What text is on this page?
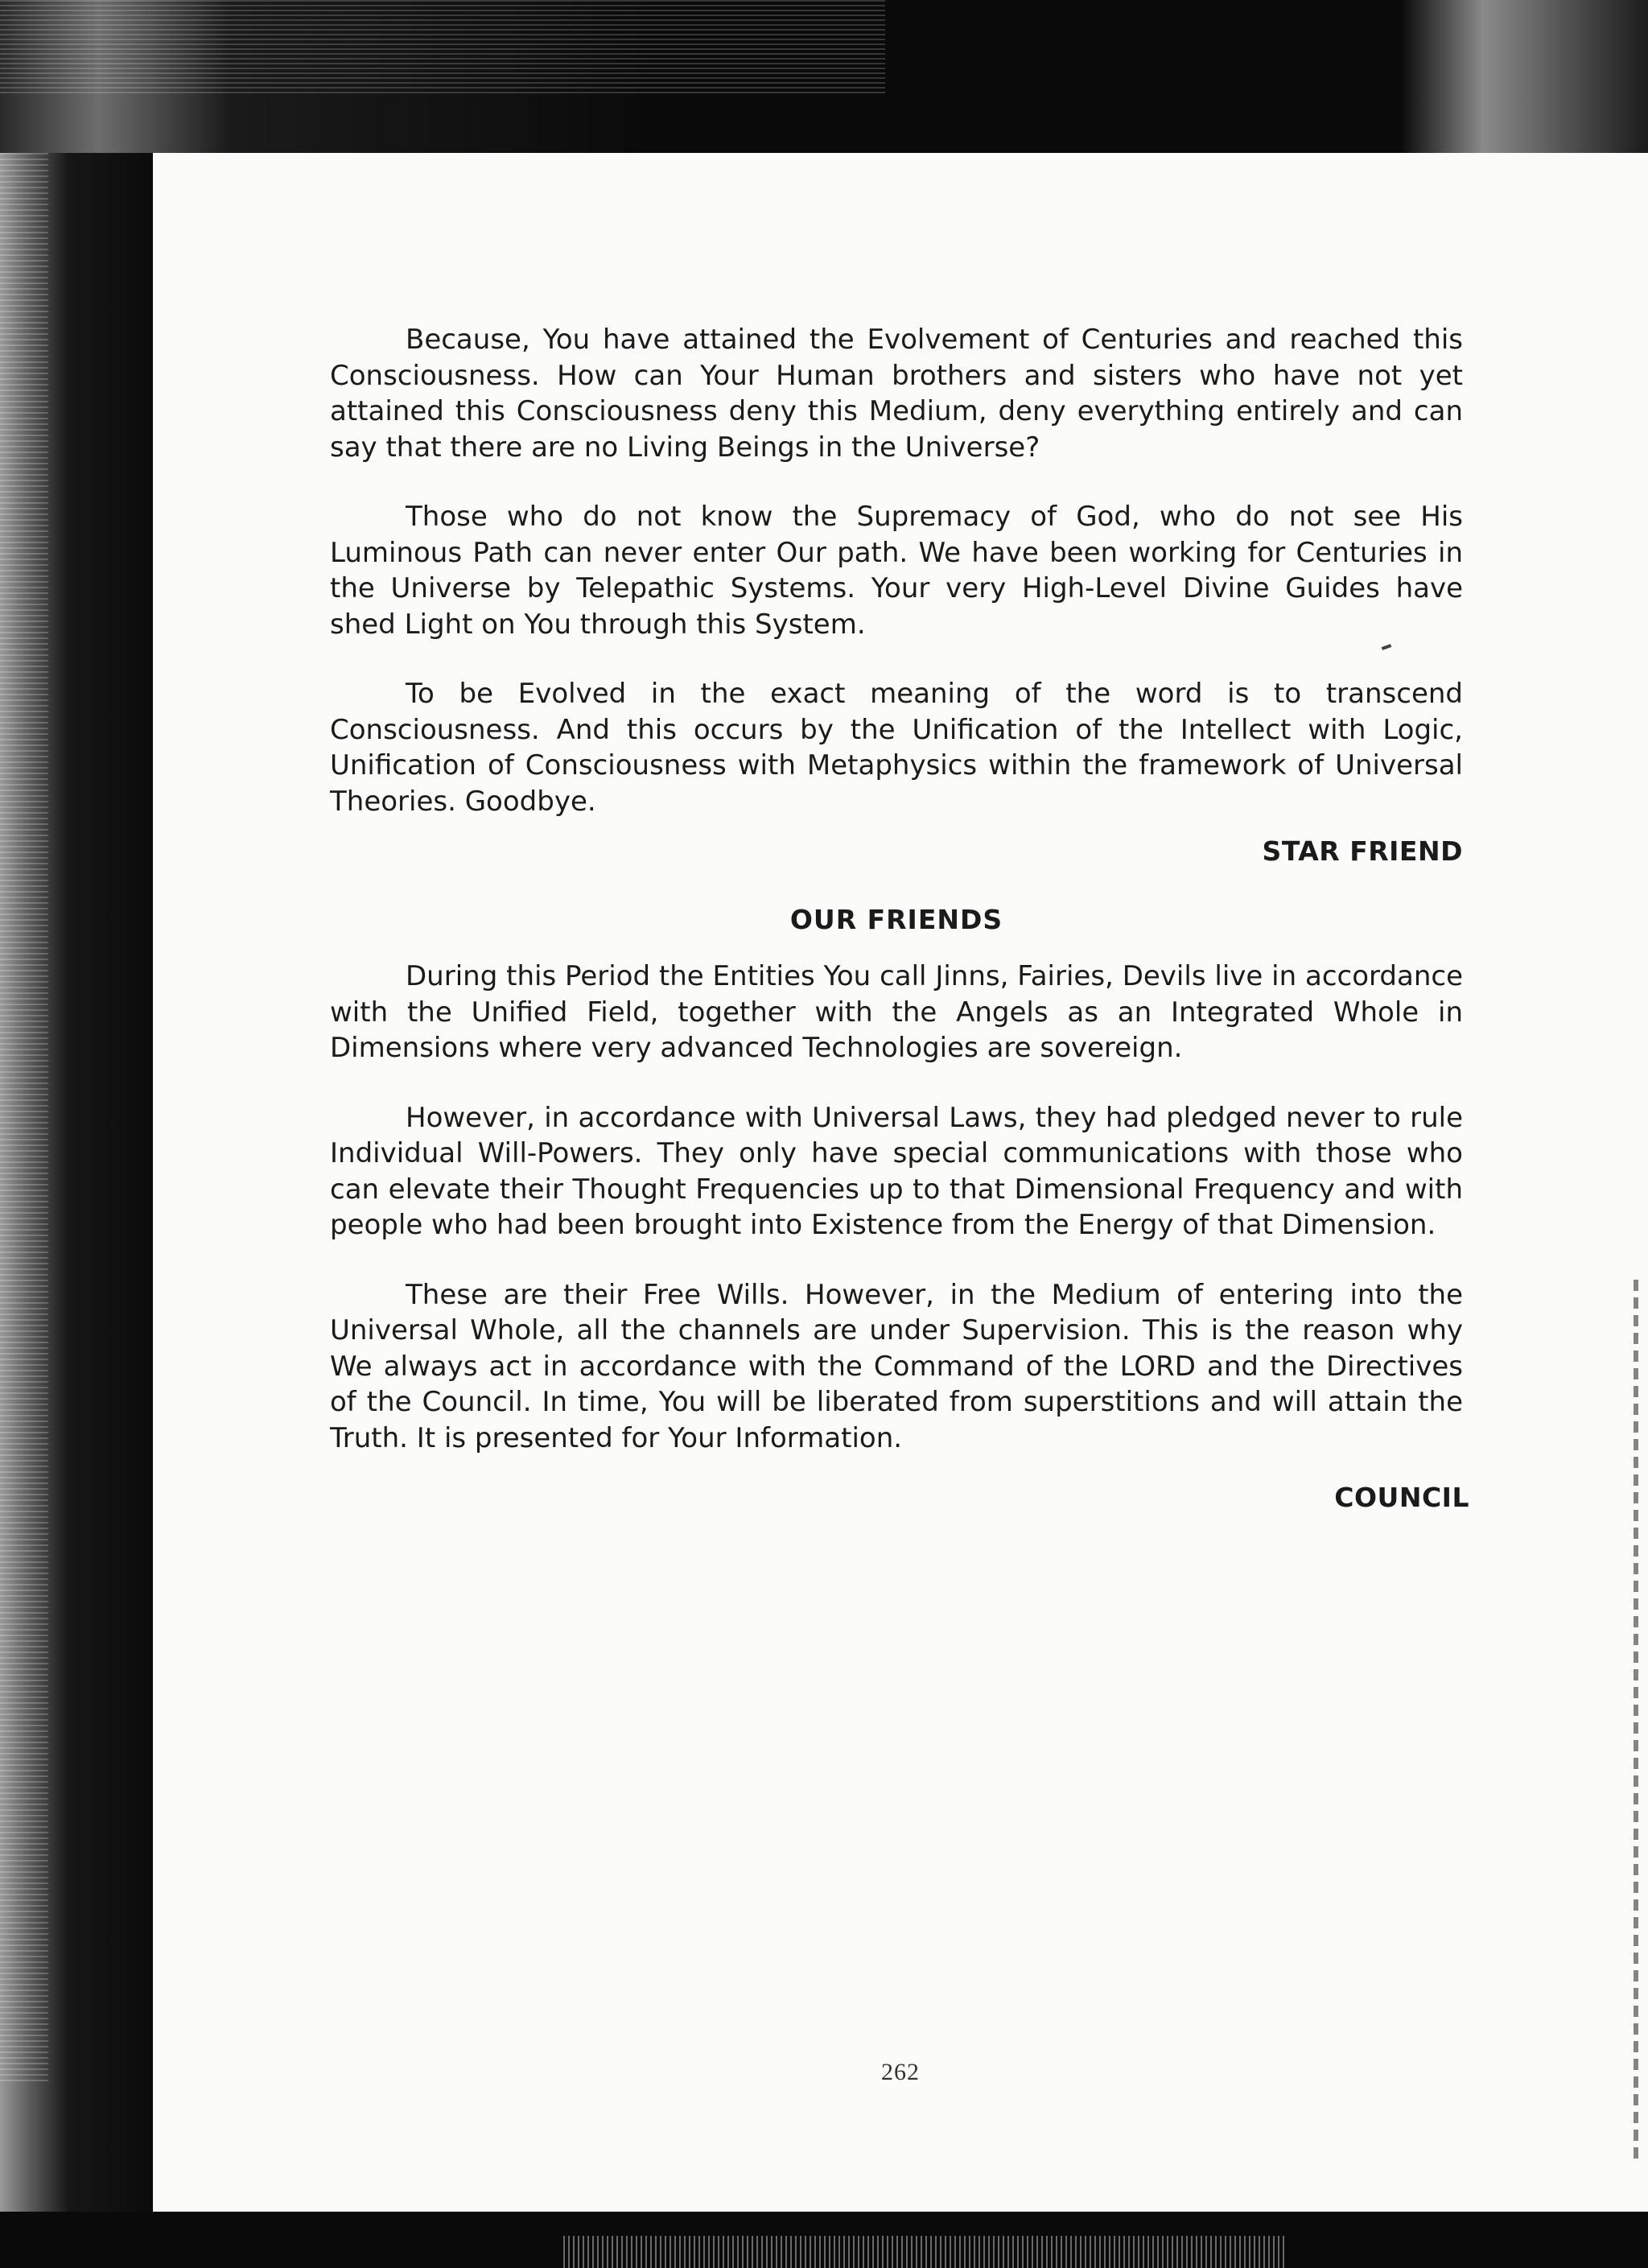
Because, You have attained the Evolvement of Centuries and reached this Consciousness. How can Your Human brothers and sisters who have not yet attained this Consciousness deny this Medium, deny everything entirely and can say that there are no Living Beings in the Universe?

Those who do not know the Supremacy of God, who do not see His Luminous Path can never enter Our path. We have been working for Centuries in the Universe by Telepathic Systems. Your very High-Level Divine Guides have shed Light on You through this System.

To be Evolved in the exact meaning of the word is to transcend Consciousness. And this occurs by the Unification of the Intellect with Logic, Unification of Consciousness with Metaphysics within the framework of Universal Theories. Goodbye.

STAR FRIEND
OUR FRIENDS

During this Period the Entities You call Jinns, Fairies, Devils live in accordance with the Unified Field, together with the Angels as an Integrated Whole in Dimensions where very advanced Technologies are sovereign.

However, in accordance with Universal Laws, they had pledged never to rule Individual Will-Powers. They only have special communications with those who can elevate their Thought Frequencies up to that Dimensional Frequency and with people who had been brought into Existence from the Energy of that Dimension.

These are their Free Wills. However, in the Medium of entering into the Universal Whole, all the channels are under Supervision. This is the reason why We always act in accordance with the Command of the LORD and the Directives of the Council. In time, You will be liberated from superstitions and will attain the Truth. It is presented for Your Information.

COUNCIL
262
